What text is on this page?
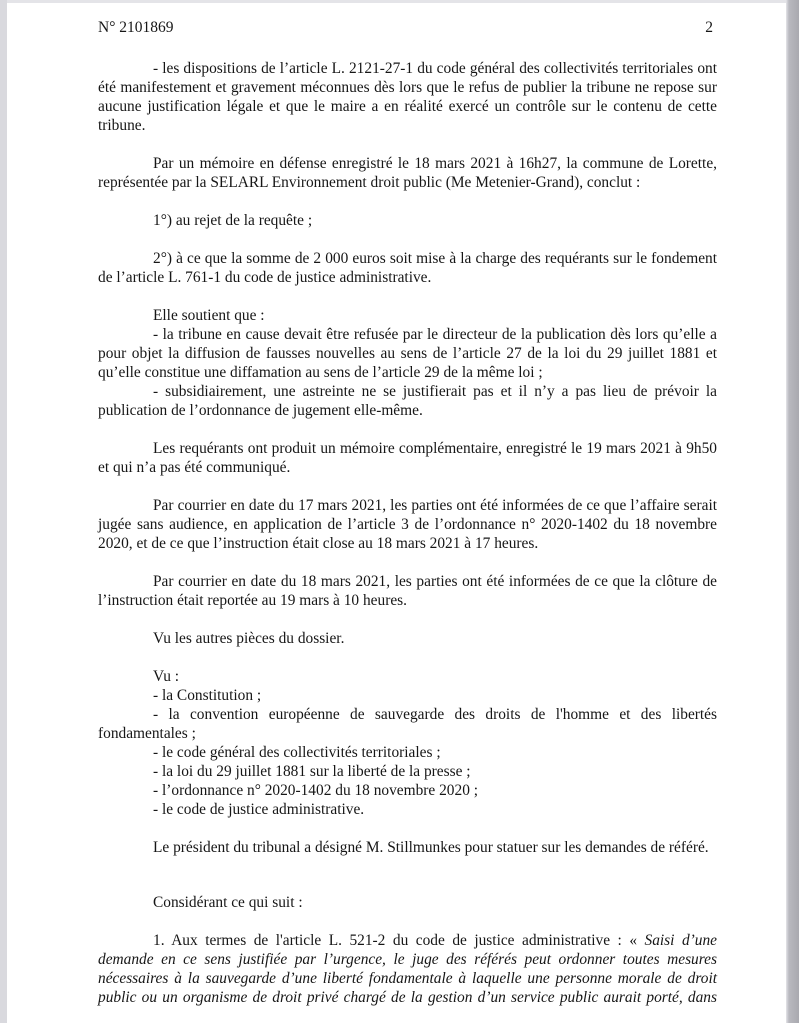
N° 2101869	2

- les dispositions de l’article L. 2121-27-1 du code général des collectivités territoriales ont été manifestement et gravement méconnues dès lors que le refus de publier la tribune ne repose sur aucune justification légale et que le maire a en réalité exercé un contrôle sur le contenu de cette tribune.

Par un mémoire en défense enregistré le 18 mars 2021 à 16h27, la commune de Lorette, représentée par la SELARL Environnement droit public (Me Metenier-Grand), conclut :

1°) au rejet de la requête ;

2°) à ce que la somme de 2 000 euros soit mise à la charge des requérants sur le fondement de l’article L. 761-1 du code de justice administrative.

Elle soutient que :

- la tribune en cause devait être refusée par le directeur de la publication dès lors qu’elle a pour objet la diffusion de fausses nouvelles au sens de l’article 27 de la loi du 29 juillet 1881 et qu’elle constitue une diffamation au sens de l’article 29 de la même loi ;

- subsidiairement, une astreinte ne se justifierait pas et il n’y a pas lieu de prévoir la publication de l’ordonnance de jugement elle-même.

Les requérants ont produit un mémoire complémentaire, enregistré le 19 mars 2021 à 9h50 et qui n’a pas été communiqué.

Par courrier en date du 17 mars 2021, les parties ont été informées de ce que l’affaire serait jugée sans audience, en application de l’article 3 de l’ordonnance n° 2020-1402 du 18 novembre 2020, et de ce que l’instruction était close au 18 mars 2021 à 17 heures.

Par courrier en date du 18 mars 2021, les parties ont été informées de ce que la clôture de l’instruction était reportée au 19 mars à 10 heures.

Vu les autres pièces du dossier.

Vu :

- la Constitution ;

- la convention européenne de sauvegarde des droits de l'homme et des libertés fondamentales ;

- le code général des collectivités territoriales ;

- la loi du 29 juillet 1881 sur la liberté de la presse ;

- l’ordonnance n° 2020-1402 du 18 novembre 2020 ;

- le code de justice administrative.

Le président du tribunal a désigné M. Stillmunkes pour statuer sur les demandes de référé.

Considérant ce qui suit :

1. Aux termes de l'article L. 521-2 du code de justice administrative : « Saisi d’une demande en ce sens justifiée par l’urgence, le juge des référés peut ordonner toutes mesures nécessaires à la sauvegarde d’une liberté fondamentale à laquelle une personne morale de droit public ou un organisme de droit privé chargé de la gestion d’un service public aurait porté, dans
